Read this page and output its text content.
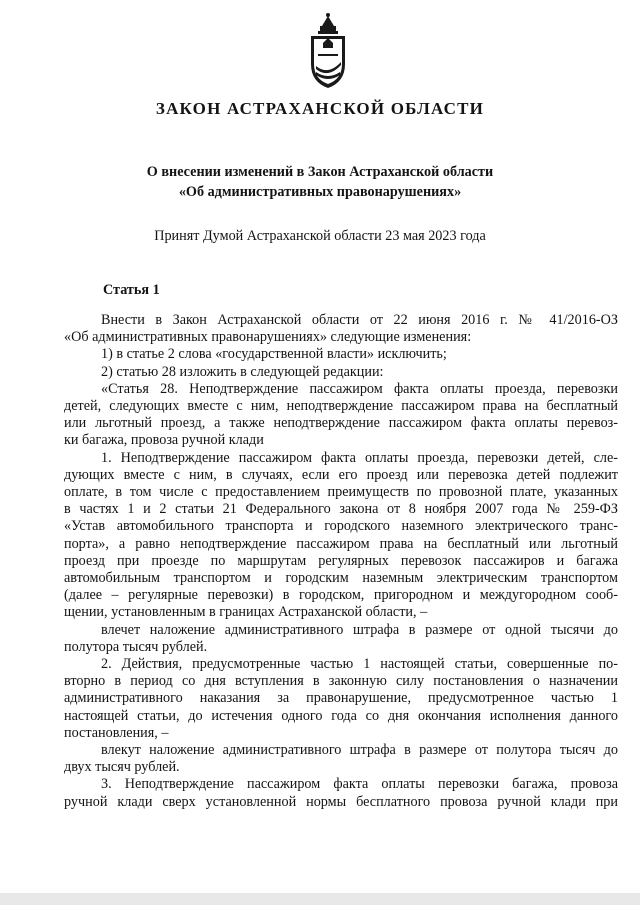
ЗАКОН АСТРАХАНСКОЙ ОБЛАСТИ
О внесении изменений в Закон Астраханской области
«Об административных правонарушениях»
Принят Думой Астраханской области 23 мая 2023 года
Статья 1

Внести в Закон Астраханской области от 22 июня 2016 г. № 41/2016-ОЗ

«Об административных правонарушениях» следующие изменения:

1) в статье 2 слова «государственной власти» исключить;

2) статью 28 изложить в следующей редакции:

«Статья 28. Неподтверждение пассажиром факта оплаты проезда, перевозки

детей, следующих вместе с ним, неподтверждение пассажиром права на бесплатный

или льготный проезд, а также неподтверждение пассажиром факта оплаты перевоз-

ки багажа, провоза ручной клади

1. Неподтверждение пассажиром факта оплаты проезда, перевозки детей, сле-

дующих вместе с ним, в случаях, если его проезд или перевозка детей подлежит

оплате, в том числе с предоставлением преимуществ по провозной плате, указанных

в частях 1 и 2 статьи 21 Федерального закона от 8 ноября 2007 года № 259-ФЗ

«Устав автомобильного транспорта и городского наземного электрического транс-

порта», а равно неподтверждение пассажиром права на бесплатный или льготный

проезд при проезде по маршрутам регулярных перевозок пассажиров и багажа

автомобильным транспортом и городским наземным электрическим транспортом

(далее – регулярные перевозки) в городском, пригородном и междугородном сооб-

щении, установленным в границах Астраханской области, –

влечет наложение административного штрафа в размере от одной тысячи до

полутора тысяч рублей.

2. Действия, предусмотренные частью 1 настоящей статьи, совершенные по-

вторно в период со дня вступления в законную силу постановления о назначении

административного наказания за правонарушение, предусмотренное частью 1

настоящей статьи, до истечения одного года со дня окончания исполнения данного

постановления, –

влекут наложение административного штрафа в размере от полутора тысяч до

двух тысяч рублей.

3. Неподтверждение пассажиром факта оплаты перевозки багажа, провоза

ручной клади сверх установленной нормы бесплатного провоза ручной клади при
